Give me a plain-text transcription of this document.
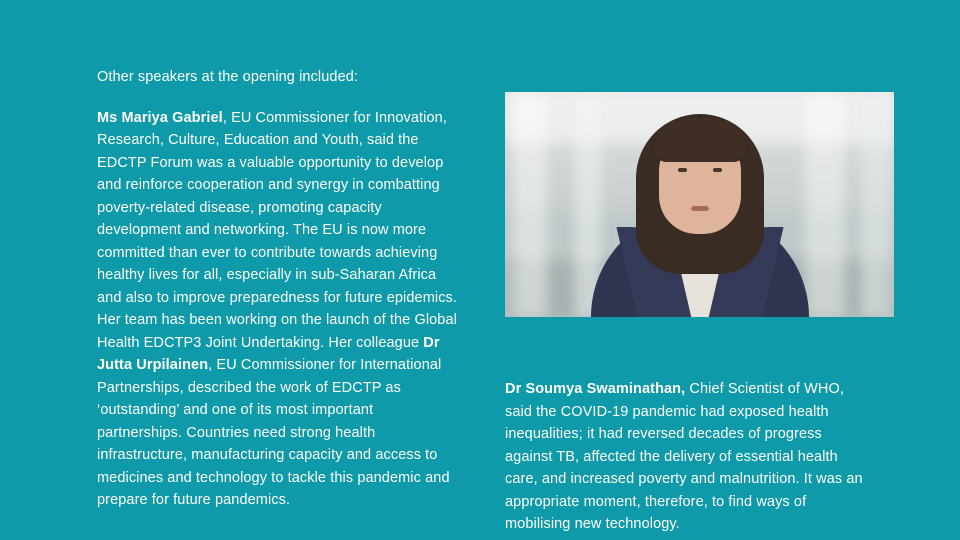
Other speakers at the opening included:

Ms Mariya Gabriel, EU Commissioner for Innovation, Research, Culture, Education and Youth, said the EDCTP Forum was a valuable opportunity to develop and reinforce cooperation and synergy in combatting poverty-related disease, promoting capacity development and networking. The EU is now more committed than ever to contribute towards achieving healthy lives for all, especially in sub-Saharan Africa and also to improve preparedness for future epidemics. Her team has been working on the launch of the Global Health EDCTP3 Joint Undertaking. Her colleague Dr Jutta Urpilainen, EU Commissioner for International Partnerships, described the work of EDCTP as ‘outstanding’ and one of its most important partnerships. Countries need strong health infrastructure, manufacturing capacity and access to medicines and technology to tackle this pandemic and prepare for future pandemics.

Dr Soumya Swaminathan, Chief Scientist of WHO, said the COVID-19 pandemic had exposed health inequalities; it had reversed decades of progress against TB, affected the delivery of essential health care, and increased poverty and malnutrition. It was an appropriate moment, therefore, to find ways of mobilising new technology.
